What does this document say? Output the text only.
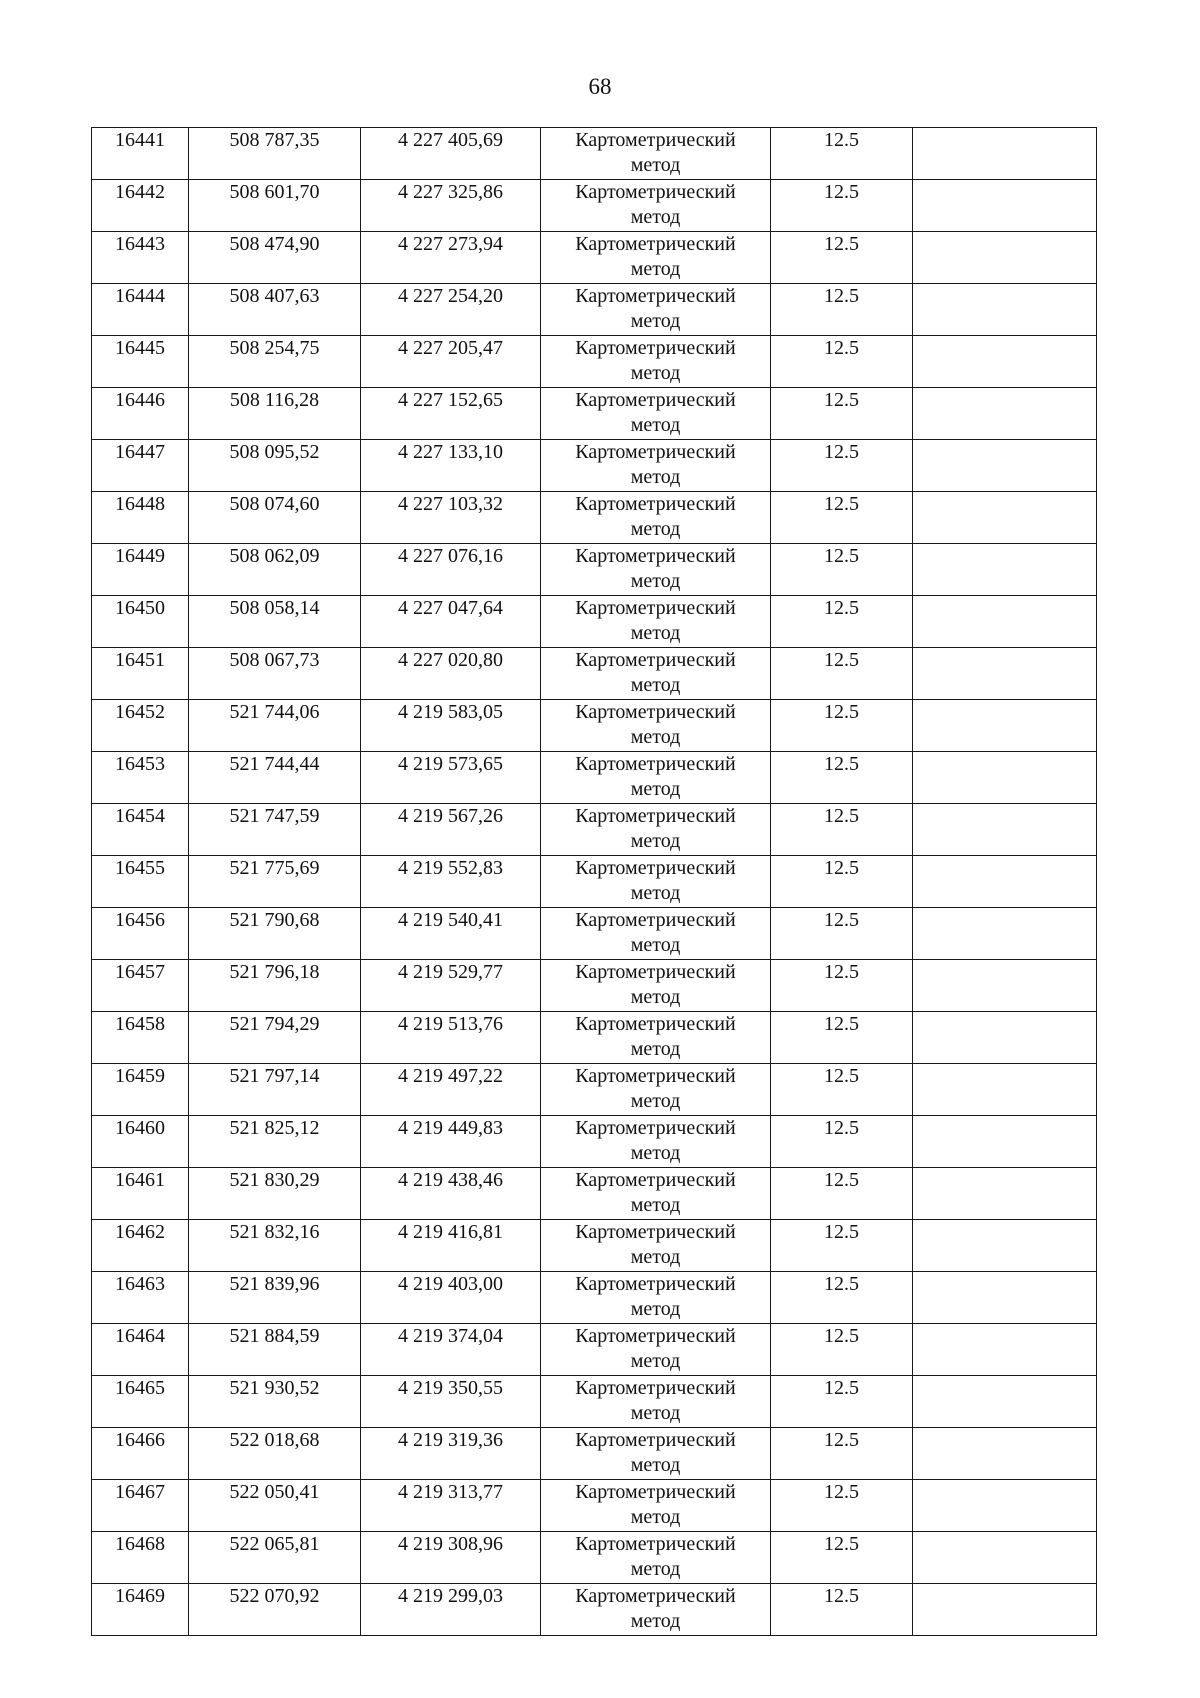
68
16441	508 787,35	4 227 405,69	Картометрический
метод	12.5	
16442	508 601,70	4 227 325,86	Картометрический
метод	12.5	
16443	508 474,90	4 227 273,94	Картометрический
метод	12.5	
16444	508 407,63	4 227 254,20	Картометрический
метод	12.5	
16445	508 254,75	4 227 205,47	Картометрический
метод	12.5	
16446	508 116,28	4 227 152,65	Картометрический
метод	12.5	
16447	508 095,52	4 227 133,10	Картометрический
метод	12.5	
16448	508 074,60	4 227 103,32	Картометрический
метод	12.5	
16449	508 062,09	4 227 076,16	Картометрический
метод	12.5	
16450	508 058,14	4 227 047,64	Картометрический
метод	12.5	
16451	508 067,73	4 227 020,80	Картометрический
метод	12.5	
16452	521 744,06	4 219 583,05	Картометрический
метод	12.5	
16453	521 744,44	4 219 573,65	Картометрический
метод	12.5	
16454	521 747,59	4 219 567,26	Картометрический
метод	12.5	
16455	521 775,69	4 219 552,83	Картометрический
метод	12.5	
16456	521 790,68	4 219 540,41	Картометрический
метод	12.5	
16457	521 796,18	4 219 529,77	Картометрический
метод	12.5	
16458	521 794,29	4 219 513,76	Картометрический
метод	12.5	
16459	521 797,14	4 219 497,22	Картометрический
метод	12.5	
16460	521 825,12	4 219 449,83	Картометрический
метод	12.5	
16461	521 830,29	4 219 438,46	Картометрический
метод	12.5	
16462	521 832,16	4 219 416,81	Картометрический
метод	12.5	
16463	521 839,96	4 219 403,00	Картометрический
метод	12.5	
16464	521 884,59	4 219 374,04	Картометрический
метод	12.5	
16465	521 930,52	4 219 350,55	Картометрический
метод	12.5	
16466	522 018,68	4 219 319,36	Картометрический
метод	12.5	
16467	522 050,41	4 219 313,77	Картометрический
метод	12.5	
16468	522 065,81	4 219 308,96	Картометрический
метод	12.5	
16469	522 070,92	4 219 299,03	Картометрический
метод	12.5	
